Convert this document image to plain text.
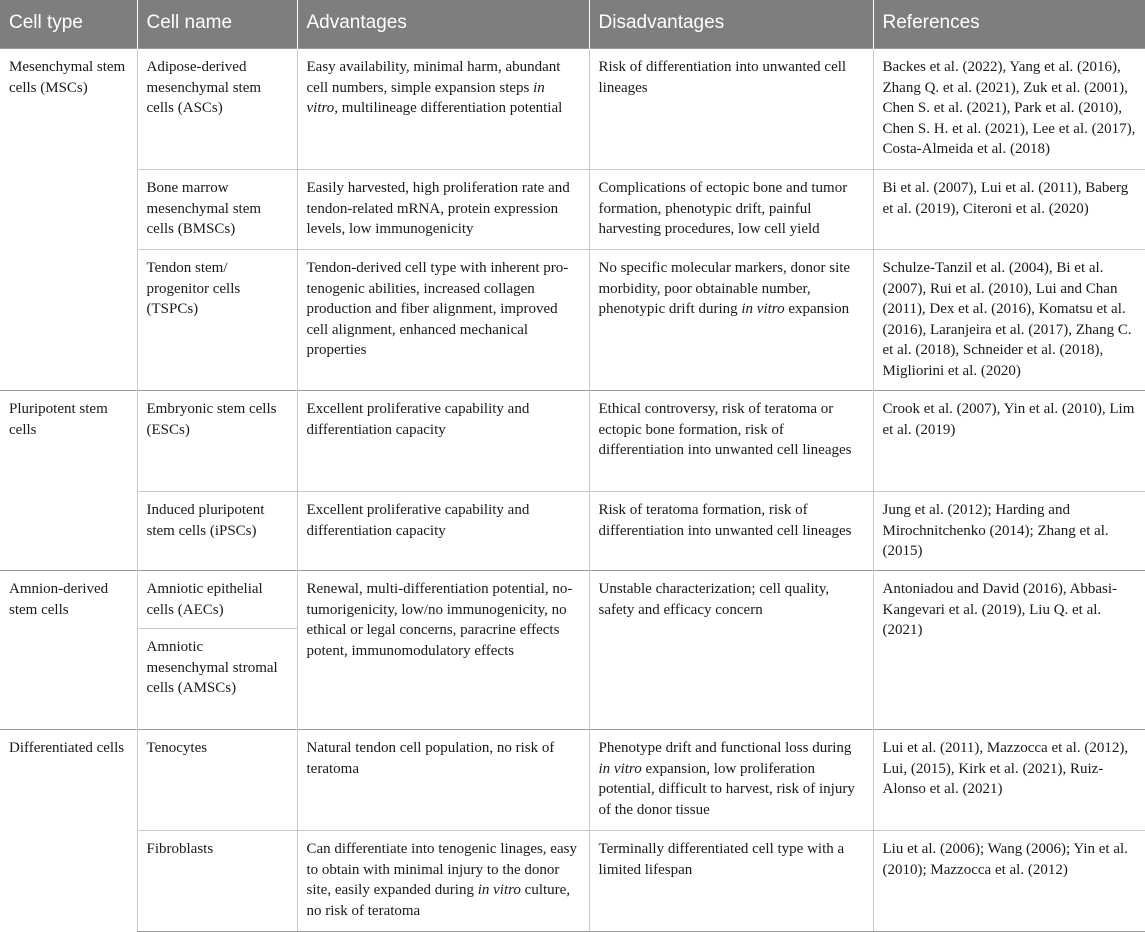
Cell type	Cell name	Advantages	Disadvantages	References
Mesenchymal stem cells (MSCs)	Adipose-derived mesenchymal stem cells (ASCs)	Easy availability, minimal harm, abundant cell numbers, simple expansion steps in vitro, multilineage differentiation potential	Risk of differentiation into unwanted cell lineages	Backes et al. (2022), Yang et al. (2016), Zhang Q. et al. (2021), Zuk et al. (2001), Chen S. et al. (2021), Park et al. (2010), Chen S. H. et al. (2021), Lee et al. (2017), Costa-Almeida et al. (2018)
	Bone marrow mesenchymal stem cells (BMSCs)	Easily harvested, high proliferation rate and tendon-related mRNA, protein expression levels, low immunogenicity	Complications of ectopic bone and tumor formation, phenotypic drift, painful harvesting procedures, low cell yield	Bi et al. (2007), Lui et al. (2011), Baberg et al. (2019), Citeroni et al. (2020)
	Tendon stem/ progenitor cells (TSPCs)	Tendon-derived cell type with inherent pro-tenogenic abilities, increased collagen production and fiber alignment, improved cell alignment, enhanced mechanical properties	No specific molecular markers, donor site morbidity, poor obtainable number, phenotypic drift during in vitro expansion	Schulze-Tanzil et al. (2004), Bi et al. (2007), Rui et al. (2010), Lui and Chan (2011), Dex et al. (2016), Komatsu et al. (2016), Laranjeira et al. (2017), Zhang C. et al. (2018), Schneider et al. (2018), Migliorini et al. (2020)
Pluripotent stem cells	Embryonic stem cells (ESCs)	Excellent proliferative capability and differentiation capacity	Ethical controversy, risk of teratoma or ectopic bone formation, risk of differentiation into unwanted cell lineages	Crook et al. (2007), Yin et al. (2010), Lim et al. (2019)
	Induced pluripotent stem cells (iPSCs)	Excellent proliferative capability and differentiation capacity	Risk of teratoma formation, risk of differentiation into unwanted cell lineages	Jung et al. (2012); Harding and Mirochnitchenko (2014); Zhang et al. (2015)
Amnion-derived stem cells	Amniotic epithelial cells (AECs)	Renewal, multi-differentiation potential, no-tumorigenicity, low/no immunogenicity, no ethical or legal concerns, paracrine effects potent, immunomodulatory effects	Unstable characterization; cell quality, safety and efficacy concern	Antoniadou and David (2016), Abbasi-Kangevari et al. (2019), Liu Q. et al. (2021)
	Amniotic mesenchymal stromal cells (AMSCs)			
Differentiated cells	Tenocytes	Natural tendon cell population, no risk of teratoma	Phenotype drift and functional loss during in vitro expansion, low proliferation potential, difficult to harvest, risk of injury of the donor tissue	Lui et al. (2011), Mazzocca et al. (2012), Lui, (2015), Kirk et al. (2021), Ruiz-Alonso et al. (2021)
	Fibroblasts	Can differentiate into tenogenic linages, easy to obtain with minimal injury to the donor site, easily expanded during in vitro culture, no risk of teratoma	Terminally differentiated cell type with a limited lifespan	Liu et al. (2006); Wang (2006); Yin et al. (2010); Mazzocca et al. (2012)
